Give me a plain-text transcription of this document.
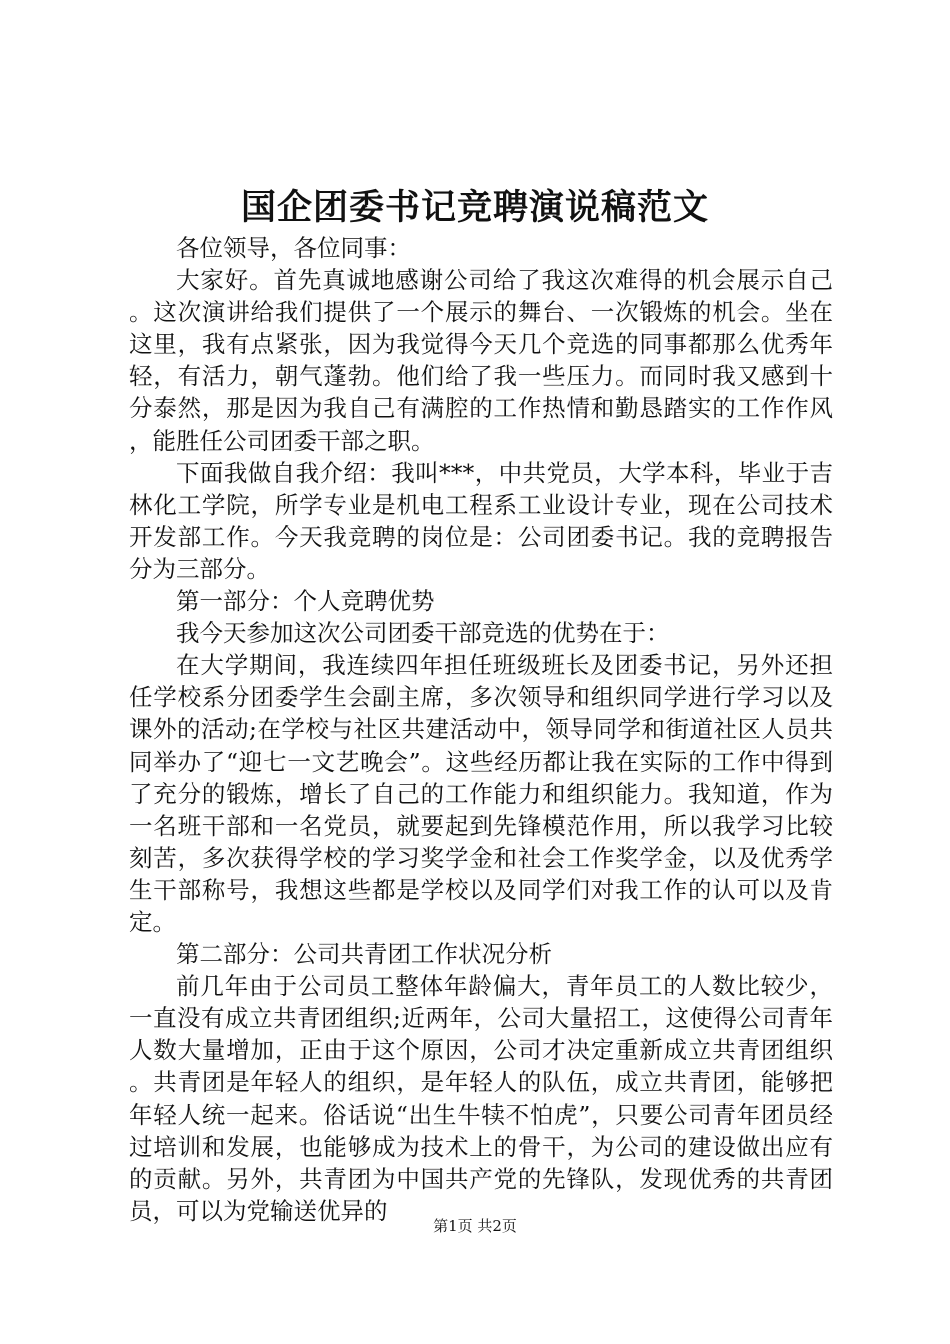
国企团委书记竞聘演说稿范文

各位领导，各位同事：

大家好。首先真诚地感谢公司给了我这次难得的机会展示自己。这次演讲给我们提供了一个展示的舞台、一次锻炼的机会。坐在这里，我有点紧张，因为我觉得今天几个竞选的同事都那么优秀年轻，有活力，朝气蓬勃。他们给了我一些压力。而同时我又感到十分泰然，那是因为我自己有满腔的工作热情和勤恳踏实的工作作风，能胜任公司团委干部之职。

下面我做自我介绍：我叫***，中共党员，大学本科，毕业于吉林化工学院，所学专业是机电工程系工业设计专业，现在公司技术开发部工作。今天我竞聘的岗位是：公司团委书记。我的竞聘报告分为三部分。

第一部分：个人竞聘优势

我今天参加这次公司团委干部竞选的优势在于：

在大学期间，我连续四年担任班级班长及团委书记，另外还担任学校系分团委学生会副主席，多次领导和组织同学进行学习以及课外的活动;在学校与社区共建活动中，领导同学和街道社区人员共同举办了“迎七一文艺晚会”。这些经历都让我在实际的工作中得到了充分的锻炼，增长了自己的工作能力和组织能力。我知道，作为一名班干部和一名党员，就要起到先锋模范作用，所以我学习比较刻苦，多次获得学校的学习奖学金和社会工作奖学金，以及优秀学生干部称号，我想这些都是学校以及同学们对我工作的认可以及肯定。

第二部分：公司共青团工作状况分析

前几年由于公司员工整体年龄偏大，青年员工的人数比较少，一直没有成立共青团组织;近两年，公司大量招工，这使得公司青年人数大量增加，正由于这个原因，公司才决定重新成立共青团组织。共青团是年轻人的组织，是年轻人的队伍，成立共青团，能够把年轻人统一起来。俗话说“出生牛犊不怕虎”，只要公司青年团员经过培训和发展，也能够成为技术上的骨干，为公司的建设做出应有的贡献。另外，共青团为中国共产党的先锋队，发现优秀的共青团员，可以为党输送优异的

第1页 共2页
